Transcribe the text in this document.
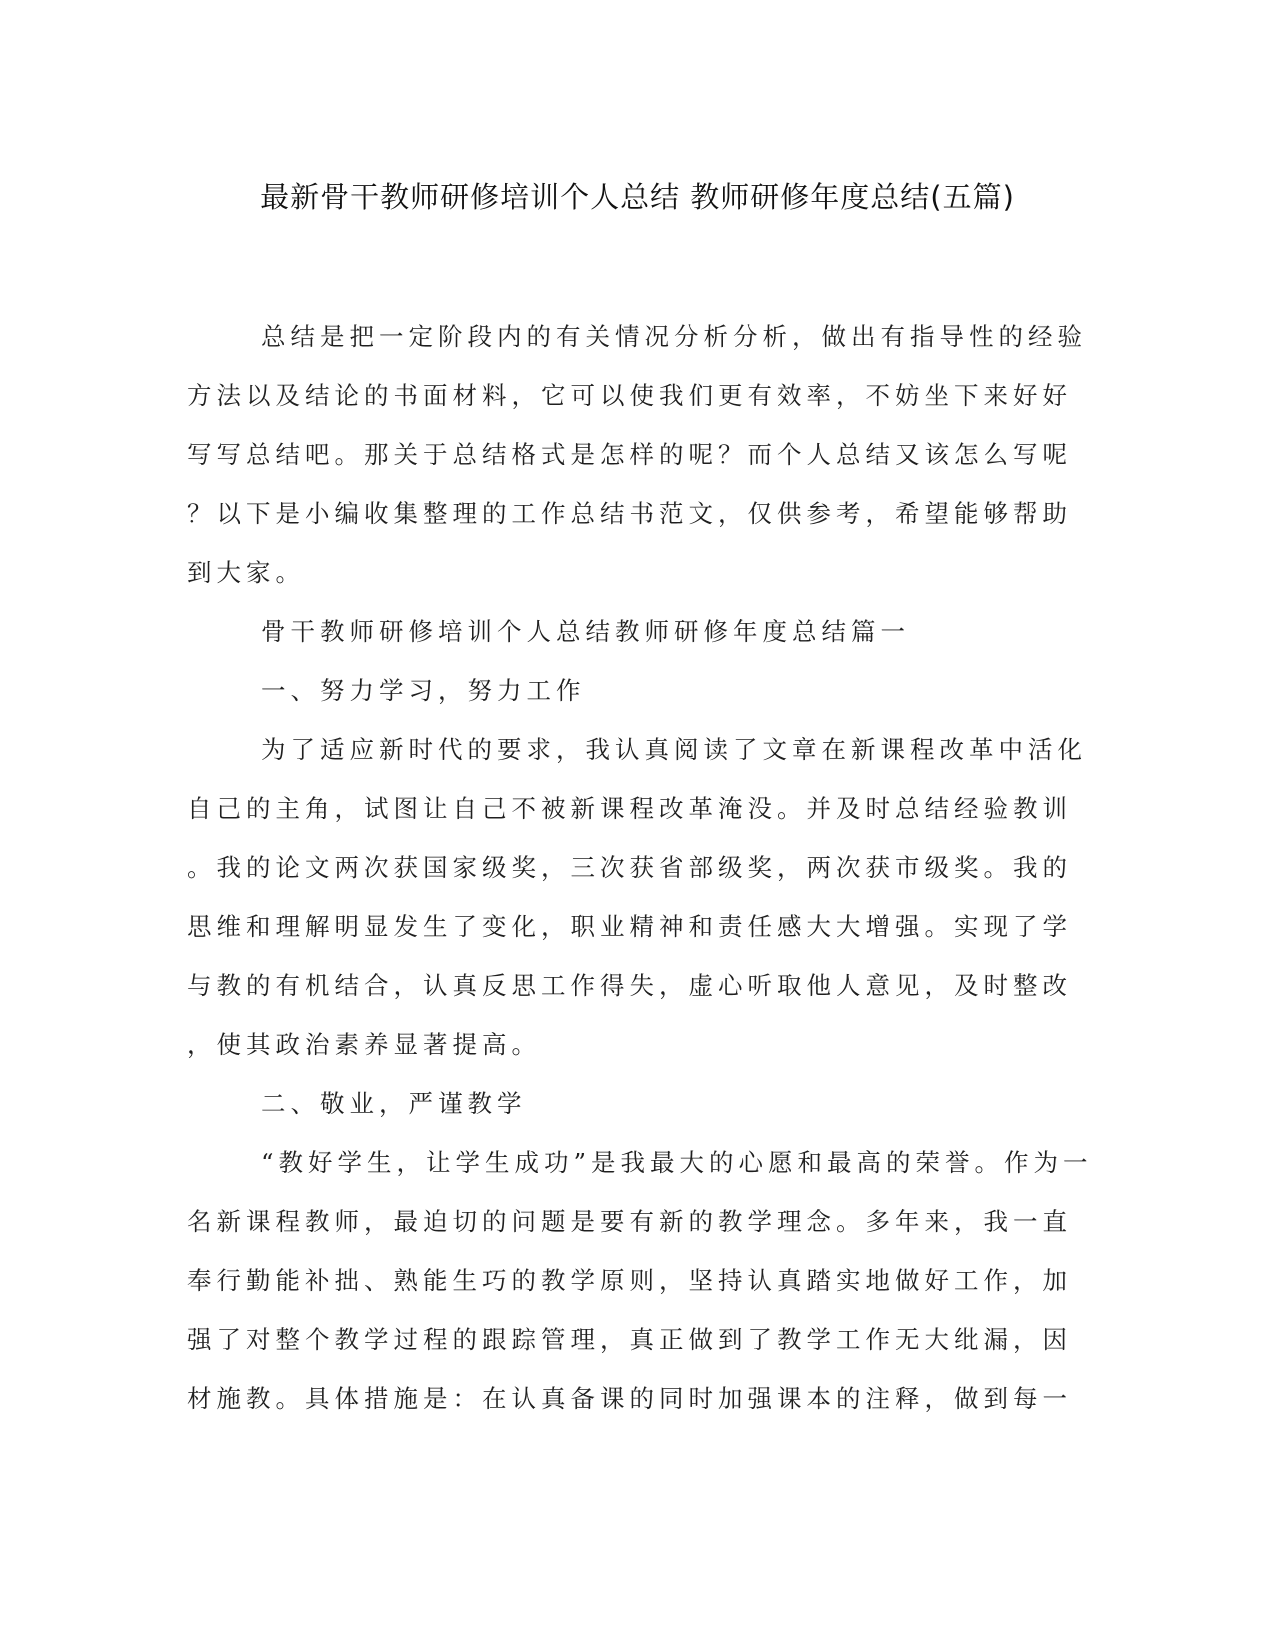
最新骨干教师研修培训个人总结 教师研修年度总结(五篇)
总结是把一定阶段内的有关情况分析分析，做出有指导性的经验
方法以及结论的书面材料，它可以使我们更有效率，不妨坐下来好好
写写总结吧。那关于总结格式是怎样的呢？而个人总结又该怎么写呢
？以下是小编收集整理的工作总结书范文，仅供参考，希望能够帮助
到大家。
骨干教师研修培训个人总结教师研修年度总结篇一
一、努力学习，努力工作
为了适应新时代的要求，我认真阅读了文章在新课程改革中活化
自己的主角，试图让自己不被新课程改革淹没。并及时总结经验教训
。我的论文两次获国家级奖，三次获省部级奖，两次获市级奖。我的
思维和理解明显发生了变化，职业精神和责任感大大增强。实现了学
与教的有机结合，认真反思工作得失，虚心听取他人意见，及时整改
，使其政治素养显著提高。
二、敬业，严谨教学
“教好学生，让学生成功”是我最大的心愿和最高的荣誉。作为一
名新课程教师，最迫切的问题是要有新的教学理念。多年来，我一直
奉行勤能补拙、熟能生巧的教学原则，坚持认真踏实地做好工作，加
强了对整个教学过程的跟踪管理，真正做到了教学工作无大纰漏，因
材施教。具体措施是：在认真备课的同时加强课本的注释，做到每一
